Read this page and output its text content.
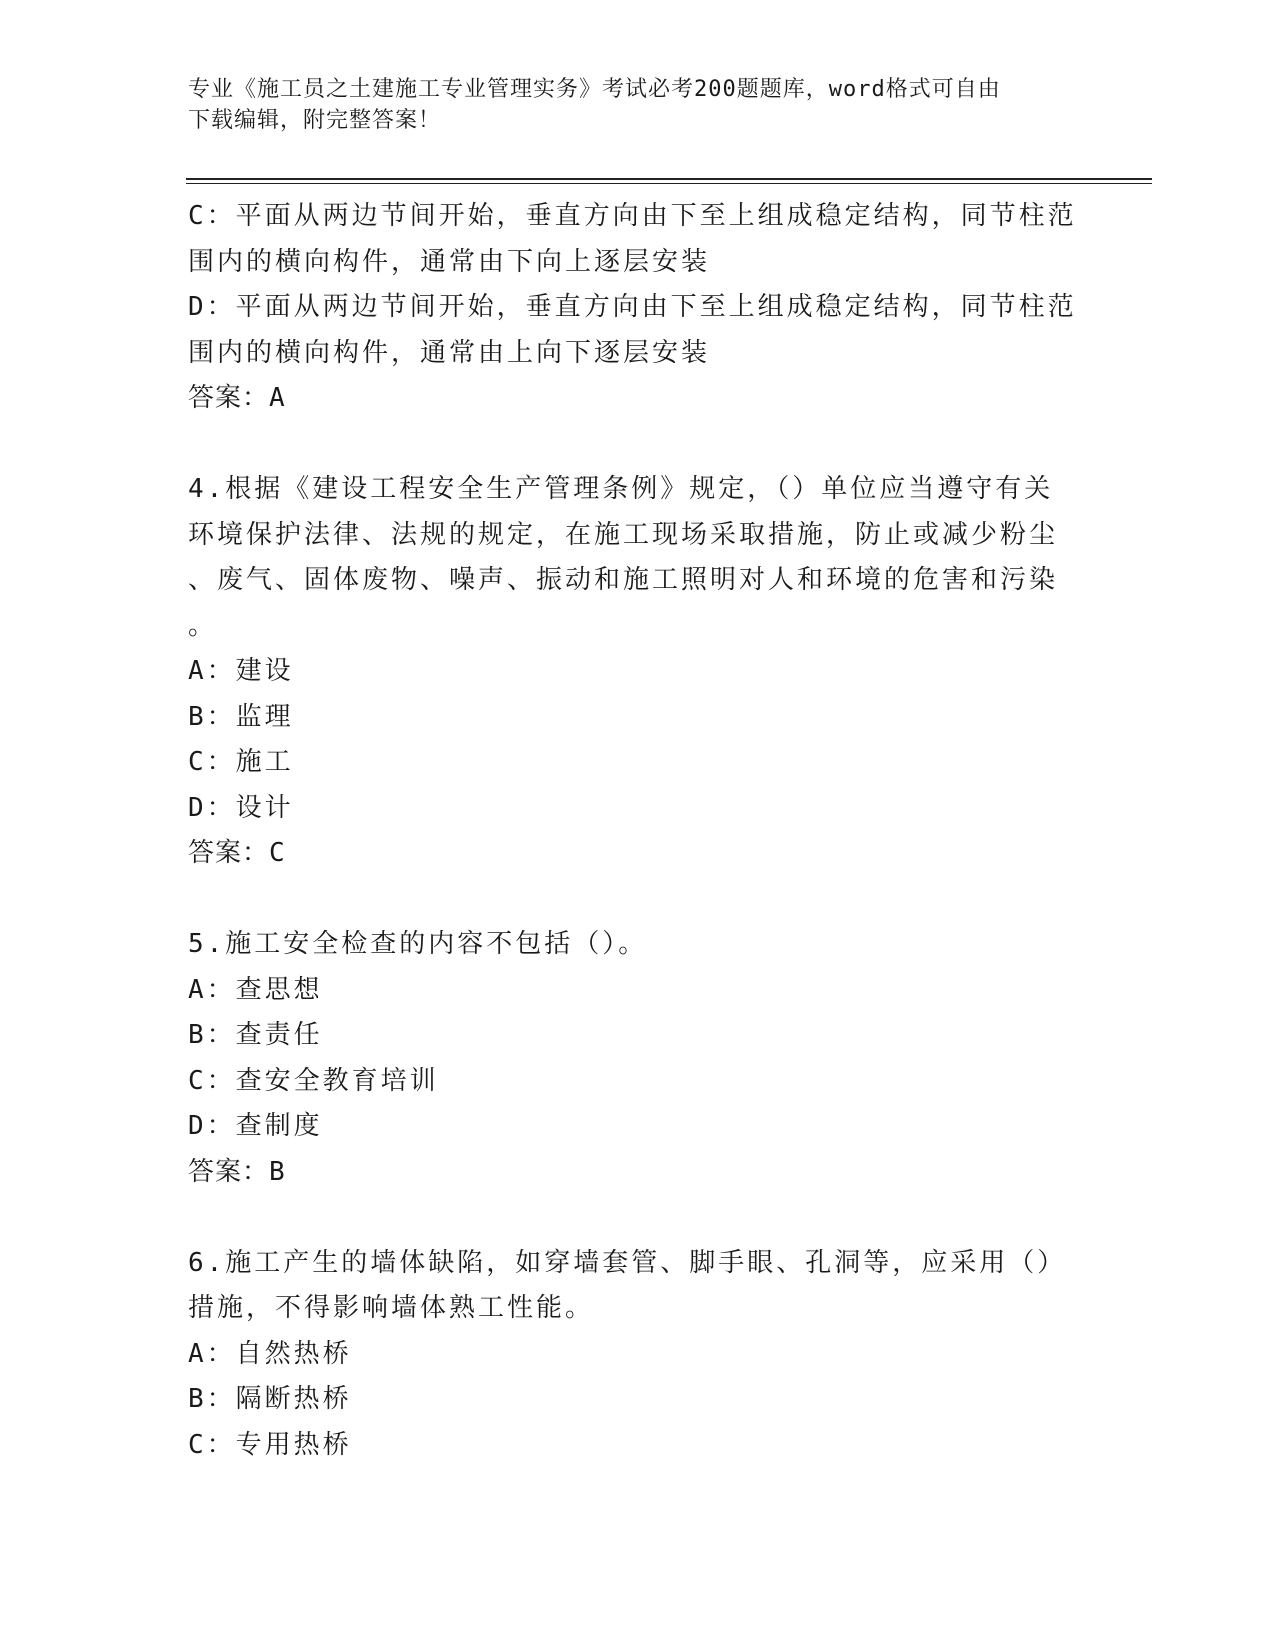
专业《施工员之土建施工专业管理实务》考试必考200题题库，word格式可自由
下载编辑，附完整答案！
C：平面从两边节间开始，垂直方向由下至上组成稳定结构，同节柱范
围内的横向构件，通常由下向上逐层安装
D：平面从两边节间开始，垂直方向由下至上组成稳定结构，同节柱范
围内的横向构件，通常由上向下逐层安装
答案：A
4.根据《建设工程安全生产管理条例》规定，（）单位应当遵守有关
环境保护法律、法规的规定，在施工现场采取措施，防止或减少粉尘
、废气、固体废物、噪声、振动和施工照明对人和环境的危害和污染
。
A：建设
B：监理
C：施工
D：设计
答案：C
5.施工安全检查的内容不包括（）。
A：查思想
B：查责任
C：查安全教育培训
D：查制度
答案：B
6.施工产生的墙体缺陷，如穿墙套管、脚手眼、孔洞等，应采用（）
措施，不得影响墙体熟工性能。
A：自然热桥
B：隔断热桥
C：专用热桥
